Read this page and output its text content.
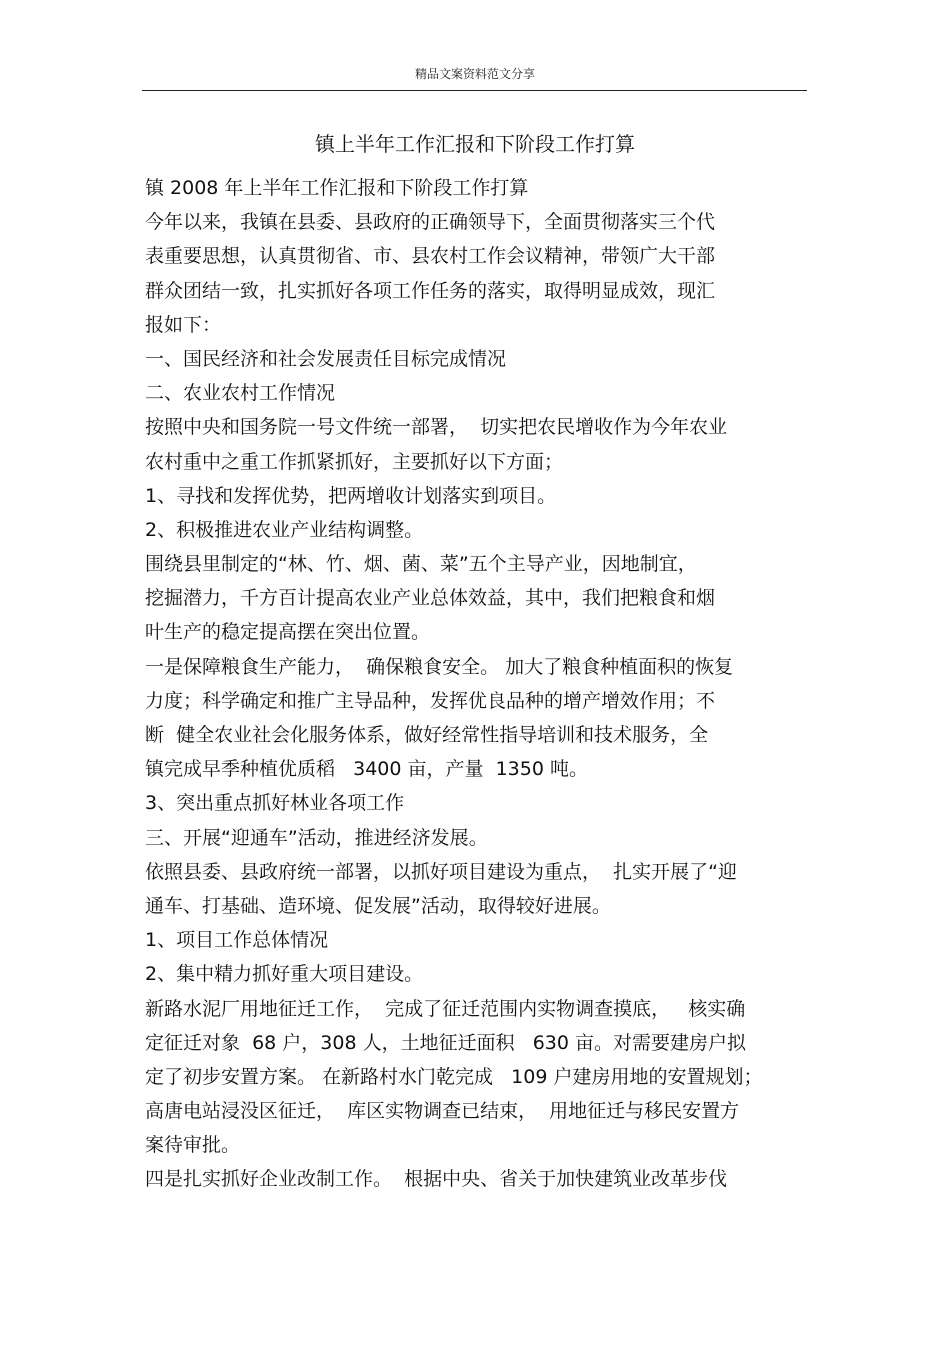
精品文案资料范文分享
镇上半年工作汇报和下阶段工作打算
镇 2008 年上半年工作汇报和下阶段工作打算
今年以来，我镇在县委、县政府的正确领导下，全面贯彻落实三个代
表重要思想，认真贯彻省、市、县农村工作会议精神，带领广大干部
群众团结一致，扎实抓好各项工作任务的落实，取得明显成效，现汇
报如下：
一、国民经济和社会发展责任目标完成情况
二、农业农村工作情况
按照中央和国务院一号文件统一部署，  切实把农民增收作为今年农业
农村重中之重工作抓紧抓好，主要抓好以下方面；
1、寻找和发挥优势，把两增收计划落实到项目。
2、积极推进农业产业结构调整。
围绕县里制定的“林、竹、烟、菌、菜”五个主导产业，因地制宜，
挖掘潜力，千方百计提高农业产业总体效益，其中，我们把粮食和烟
叶生产的稳定提高摆在突出位置。
一是保障粮食生产能力，  确保粮食安全。 加大了粮食种植面积的恢复
力度；科学确定和推广主导品种，发挥优良品种的增产增效作用；不
断  健全农业社会化服务体系，做好经常性指导培训和技术服务，全
镇完成早季种植优质稻   3400 亩，产量  1350 吨。
3、突出重点抓好林业各项工作
三、开展“迎通车”活动，推进经济发展。
依照县委、县政府统一部署，以抓好项目建设为重点，  扎实开展了“迎
通车、打基础、造环境、促发展”活动，取得较好进展。
1、项目工作总体情况
2、集中精力抓好重大项目建设。
新路水泥厂用地征迁工作，  完成了征迁范围内实物调查摸底，   核实确
定征迁对象  68 户，308 人，土地征迁面积   630 亩。对需要建房户拟
定了初步安置方案。 在新路村水门乾完成   109 户建房用地的安置规划；
高唐电站浸没区征迁，  库区实物调查已结束，  用地征迁与移民安置方
案待审批。
四是扎实抓好企业改制工作。  根据中央、省关于加快建筑业改革步伐
